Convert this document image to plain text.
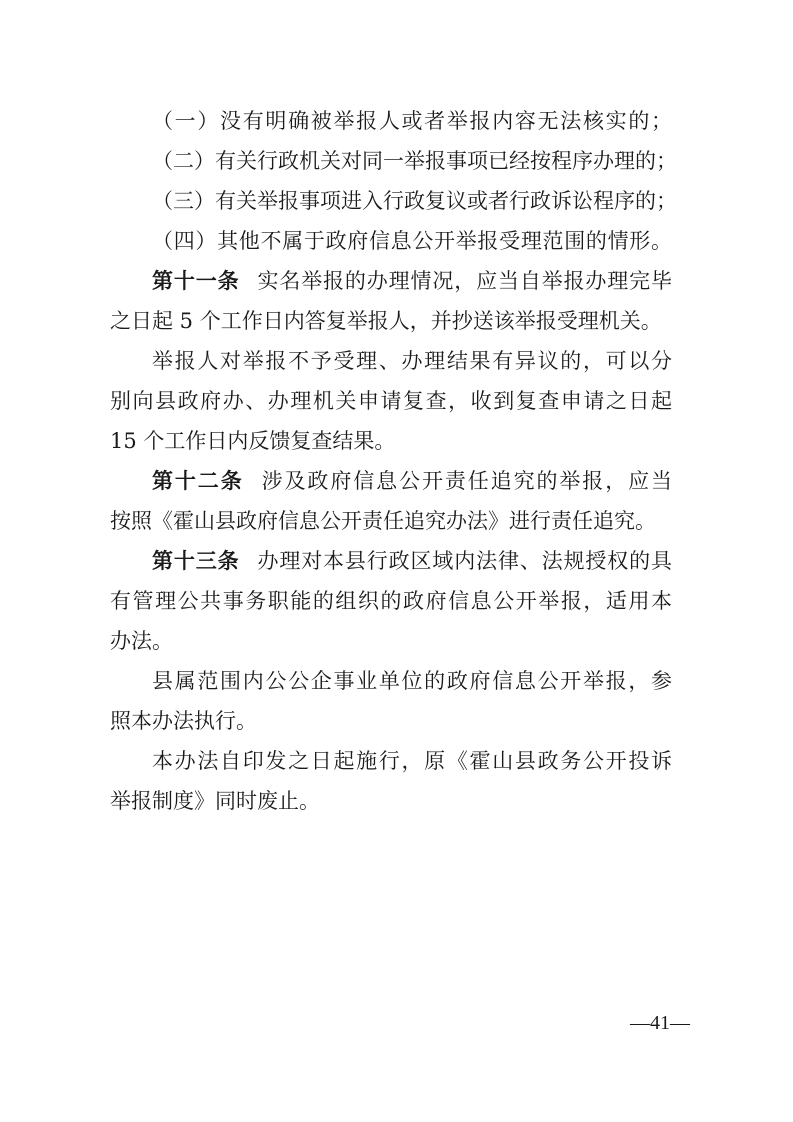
（一）没有明确被举报人或者举报内容无法核实的；
（二）有关行政机关对同一举报事项已经按程序办理的；
（三）有关举报事项进入行政复议或者行政诉讼程序的；
（四）其他不属于政府信息公开举报受理范围的情形。
第十一条 实名举报的办理情况，应当自举报办理完毕
之日起 5 个工作日内答复举报人，并抄送该举报受理机关。
举报人对举报不予受理、办理结果有异议的，可以分
别向县政府办、办理机关申请复查，收到复查申请之日起
15 个工作日内反馈复查结果。
第十二条 涉及政府信息公开责任追究的举报，应当
按照《霍山县政府信息公开责任追究办法》进行责任追究。
第十三条 办理对本县行政区域内法律、法规授权的具
有管理公共事务职能的组织的政府信息公开举报，适用本
办法。
县属范围内公公企事业单位的政府信息公开举报，参
照本办法执行。
本办法自印发之日起施行，原《霍山县政务公开投诉
举报制度》同时废止。
—41—
